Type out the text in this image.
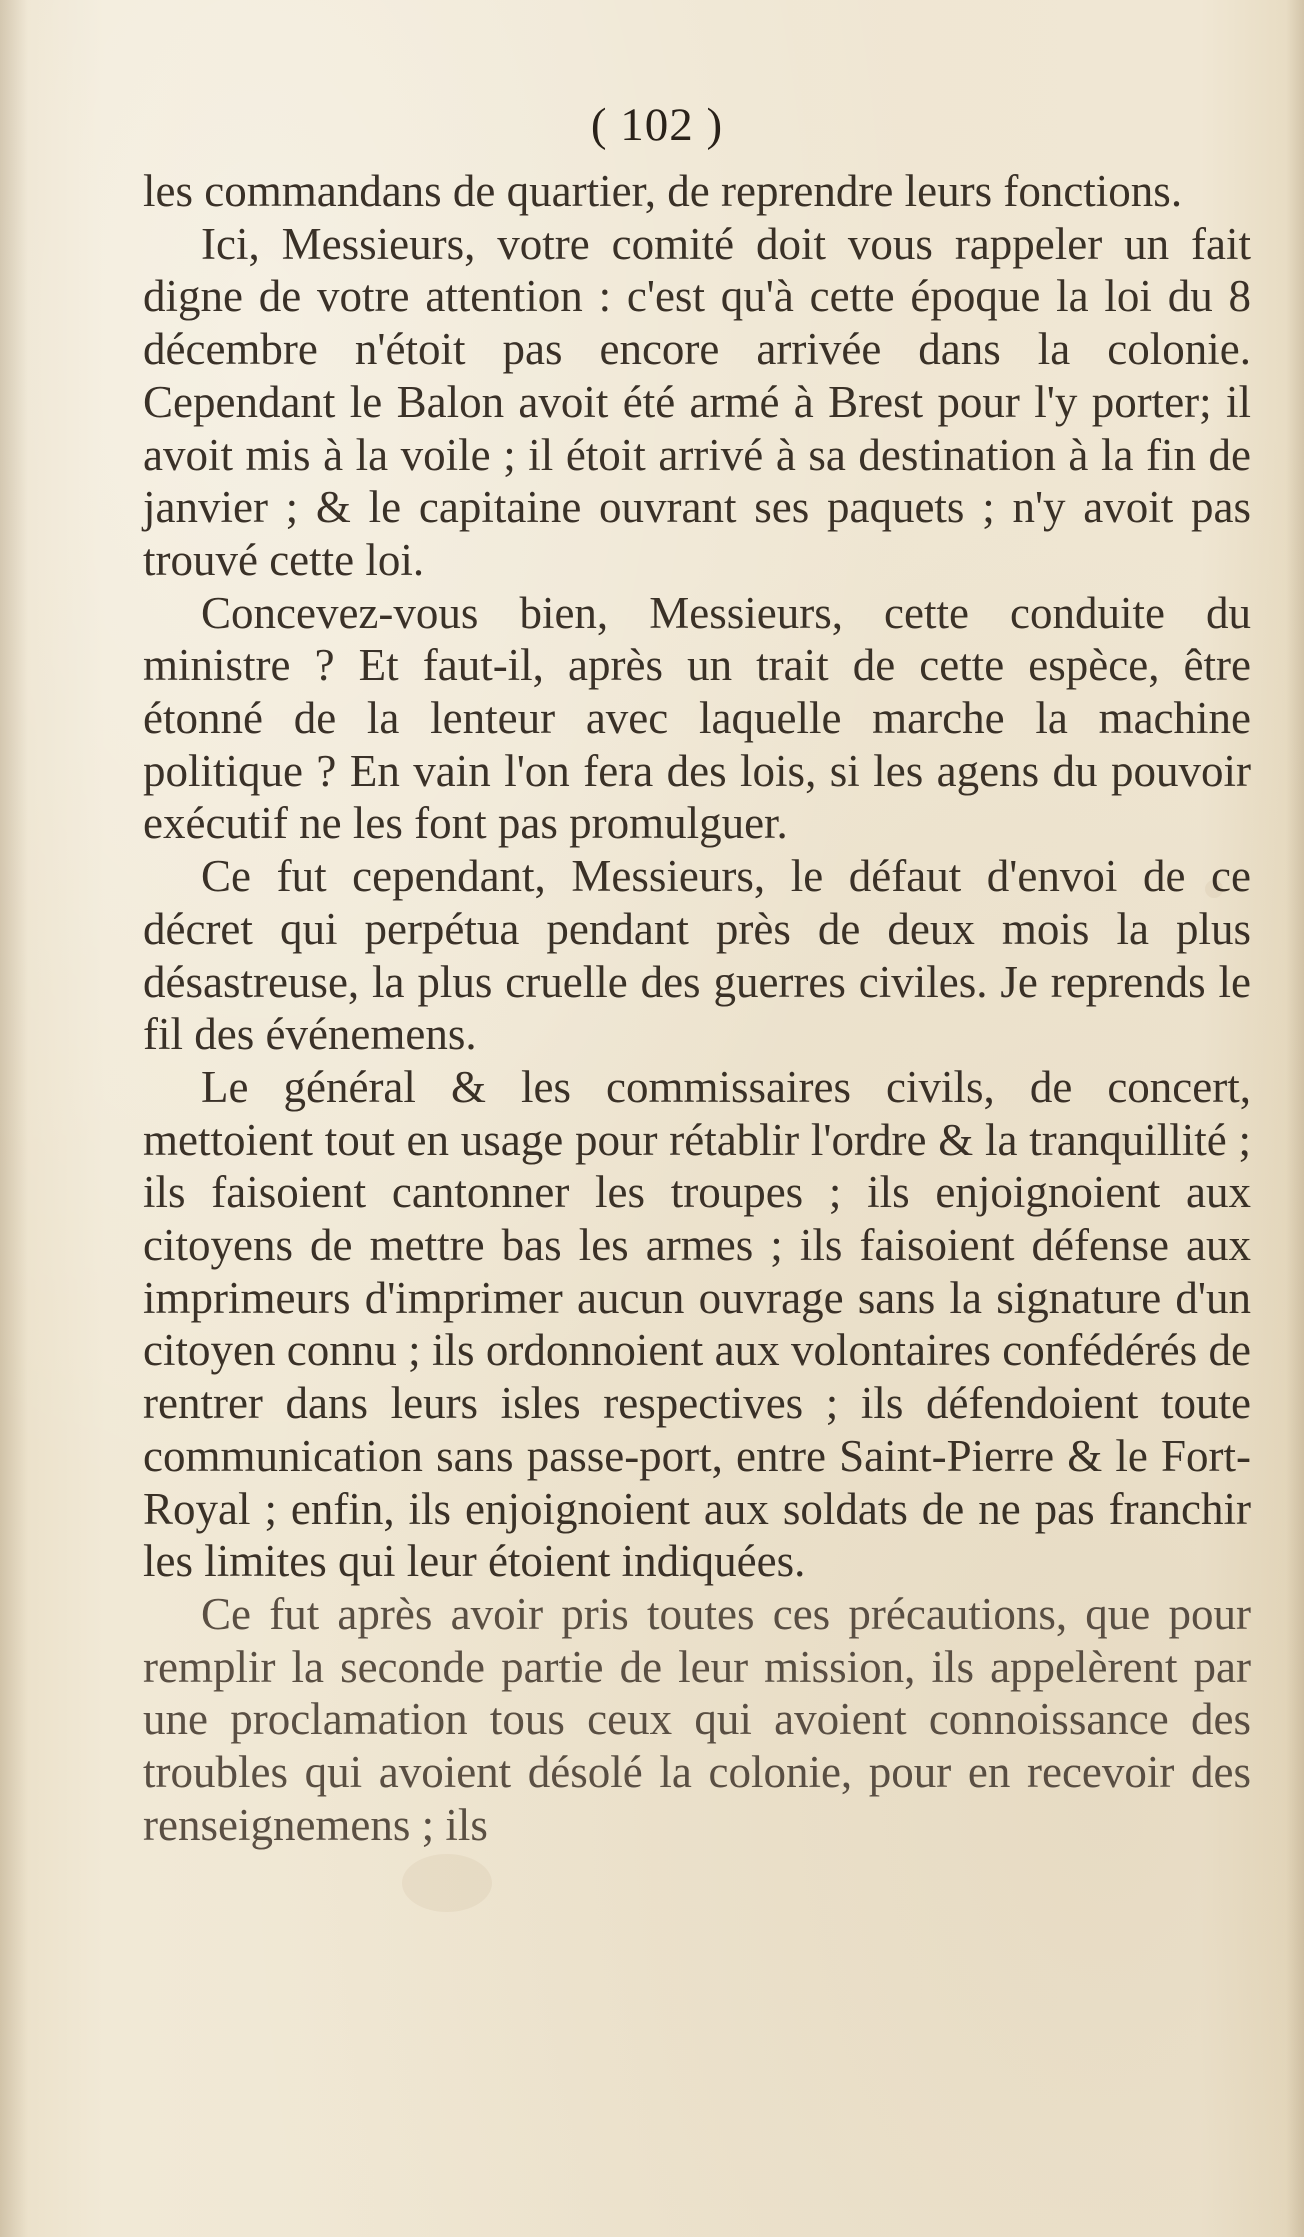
( 102 )

les commandans de quartier, de reprendre leurs fonctions.

Ici, Messieurs, votre comité doit vous rappeler un fait digne de votre attention : c'est qu'à cette époque la loi du 8 décembre n'étoit pas encore arrivée dans la colonie. Cependant le Balon avoit été armé à Brest pour l'y porter; il avoit mis à la voile ; il étoit arrivé à sa destination à la fin de janvier ; & le capitaine ouvrant ses paquets ; n'y avoit pas trouvé cette loi.

Concevez-vous bien, Messieurs, cette conduite du ministre ? Et faut-il, après un trait de cette espèce, être étonné de la lenteur avec laquelle marche la machine politique ? En vain l'on fera des lois, si les agens du pouvoir exécutif ne les font pas promulguer.

Ce fut cependant, Messieurs, le défaut d'envoi de ce décret qui perpétua pendant près de deux mois la plus désastreuse, la plus cruelle des guerres civiles. Je reprends le fil des événemens.

Le général & les commissaires civils, de concert, mettoient tout en usage pour rétablir l'ordre & la tranquillité ; ils faisoient cantonner les troupes ; ils enjoignoient aux citoyens de mettre bas les armes ; ils faisoient défense aux imprimeurs d'imprimer aucun ouvrage sans la signature d'un citoyen connu ; ils ordonnoient aux volontaires confédérés de rentrer dans leurs isles respectives ; ils défendoient toute communication sans passe-port, entre Saint-Pierre & le Fort-Royal ; enfin, ils enjoignoient aux soldats de ne pas franchir les limites qui leur étoient indiquées.

Ce fut après avoir pris toutes ces précautions, que pour remplir la seconde partie de leur mission, ils appelèrent par une proclamation tous ceux qui avoient connoissance des troubles qui avoient désolé la colonie, pour en recevoir des renseignemens ; ils
